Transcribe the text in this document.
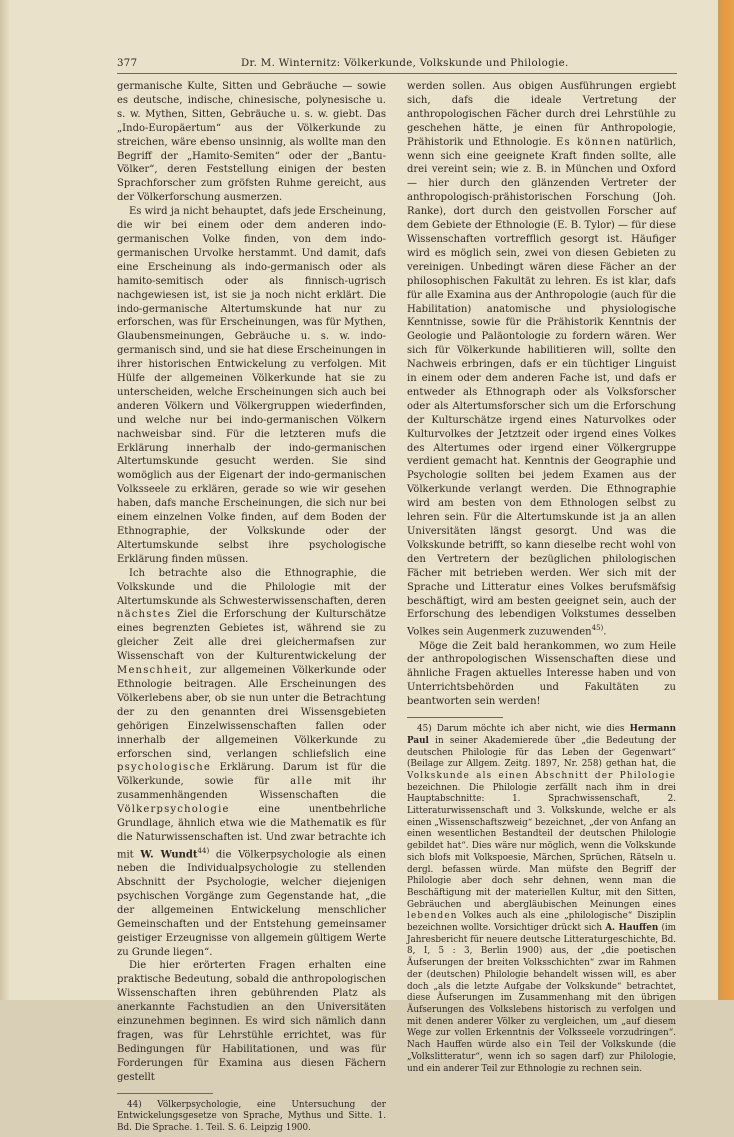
377	Dr. M. Winternitz: Völkerkunde, Volkskunde und Philologie.

germanische Kulte, Sitten und Gebräuche — sowie es deutsche, indische, chinesische, polynesische u. s. w. Mythen, Sitten, Gebräuche u. s. w. giebt. Das „Indo-Europäertum“ aus der Völkerkunde zu streichen, wäre ebenso unsinnig, als wollte man den Begriff der „Hamito-Semiten“ oder der „Bantu-Völker“, deren Feststellung einigen der besten Sprachforscher zum gröfsten Ruhme gereicht, aus der Völkerforschung ausmerzen.

Es wird ja nicht behauptet, dafs jede Erscheinung, die wir bei einem oder dem anderen indo-germanischen Volke finden, von dem indo-germanischen Urvolke herstammt. Und damit, dafs eine Erscheinung als indo-germanisch oder als hamito-semitisch oder als finnisch-ugrisch nachgewiesen ist, ist sie ja noch nicht erklärt. Die indo-germanische Altertumskunde hat nur zu erforschen, was für Erscheinungen, was für Mythen, Glaubensmeinungen, Gebräuche u. s. w. indo-germanisch sind, und sie hat diese Erscheinungen in ihrer historischen Entwickelung zu verfolgen. Mit Hülfe der allgemeinen Völkerkunde hat sie zu unterscheiden, welche Erscheinungen sich auch bei anderen Völkern und Völkergruppen wiederfinden, und welche nur bei indo-germanischen Völkern nachweisbar sind. Für die letzteren mufs die Erklärung innerhalb der indo-germanischen Altertumskunde gesucht werden. Sie sind womöglich aus der Eigenart der indo-germanischen Volksseele zu erklären, gerade so wie wir gesehen haben, dafs manche Erscheinungen, die sich nur bei einem einzelnen Volke finden, auf dem Boden der Ethnographie, der Volkskunde oder der Altertumskunde selbst ihre psychologische Erklärung finden müssen.

Ich betrachte also die Ethnographie, die Volkskunde und die Philologie mit der Altertumskunde als Schwesterwissenschaften, deren nächstes Ziel die Erforschung der Kulturschätze eines begrenzten Gebietes ist, während sie zu gleicher Zeit alle drei gleichermafsen zur Wissenschaft von der Kulturentwickelung der Menschheit, zur allgemeinen Völkerkunde oder Ethnologie beitragen. Alle Erscheinungen des Völkerlebens aber, ob sie nun unter die Betrachtung der zu den genannten drei Wissensgebieten gehörigen Einzelwissenschaften fallen oder innerhalb der allgemeinen Völkerkunde zu erforschen sind, verlangen schliefslich eine psychologische Erklärung. Darum ist für die Völkerkunde, sowie für alle mit ihr zusammenhängenden Wissenschaften die Völkerpsychologie	eine unentbehrliche Grundlage, ähnlich etwa wie die Mathematik es für die Naturwissenschaften ist. Und zwar betrachte ich mit W. Wundt$^{44)}$ die Völkerpsychologie als einen neben die Individualpsychologie zu stellenden Abschnitt der Psychologie, welcher diejenigen psychischen Vorgänge zum Gegenstande hat, „die der allgemeinen Entwickelung menschlicher Gemeinschaften und der Entstehung gemeinsamer geistiger Erzeugnisse von allgemein gültigem Werte zu Grunde liegen“.

Die hier erörterten Fragen erhalten eine praktische Bedeutung, sobald die anthropologischen Wissenschaften ihren gebührenden Platz als anerkannte Fachstudien an den Universitäten einzunehmen beginnen. Es wird sich nämlich dann fragen, was für Lehrstühle errichtet, was für Bedingungen für Habilitationen, und was für Forderungen für Examina aus diesen Fächern gestellt

44) Völkerpsychologie, eine Untersuchung der Entwickelungsgesetze von Sprache, Mythus und Sitte. 1. Bd. Die Sprache. 1. Teil. S. 6. Leipzig 1900.

werden sollen. Aus obigen Ausführungen ergiebt sich, dafs die ideale Vertretung der anthropologischen Fächer durch drei Lehrstühle zu geschehen hätte, je einen für Anthropologie, Prähistorik und Ethnologie. Es können natürlich, wenn sich eine geeignete Kraft finden sollte, alle drei vereint sein; wie z. B. in München und Oxford — hier durch den glänzenden Vertreter der anthropologisch-prähistorischen Forschung (Joh. Ranke), dort durch den geistvollen Forscher auf dem Gebiete der Ethnologie (E. B. Tylor) — für diese Wissenschaften vortrefflich gesorgt ist. Häufiger wird es möglich sein, zwei von diesen Gebieten zu vereinigen. Unbedingt wären diese Fächer an der philosophischen Fakultät zu lehren. Es ist klar, dafs für alle Examina aus der Anthropologie (auch für die Habilitation) anatomische und physiologische Kenntnisse, sowie für die Prähistorik Kenntnis der Geologie und Paläontologie zu fordern wären. Wer sich für Völkerkunde habilitieren will, sollte den Nachweis erbringen, dafs er ein tüchtiger Linguist in einem oder dem anderen Fache ist, und dafs er entweder als Ethnograph oder als Volksforscher oder als Altertumsforscher sich um die Erforschung der Kulturschätze irgend eines Naturvolkes oder Kulturvolkes der Jetztzeit oder irgend eines Volkes des Altertumes oder irgend einer Völkergruppe verdient gemacht hat. Kenntnis der Geographie und Psychologie sollten bei jedem Examen aus der Völkerkunde verlangt werden. Die Ethnographie wird am besten von dem Ethnologen selbst zu lehren sein. Für die Altertumskunde ist ja an allen Universitäten längst gesorgt. Und was die Volkskunde betrifft, so kann dieselbe recht wohl von den Vertretern der bezüglichen philologischen Fächer mit betrieben werden. Wer sich mit der Sprache und Litteratur eines Volkes berufsmäfsig beschäftigt, wird am besten geeignet sein, auch der Erforschung des lebendigen Volkstumes desselben Volkes sein Augenmerk zuzuwenden$^{45)}$.

Möge die Zeit bald herankommen, wo zum Heile der anthropologischen Wissenschaften diese und ähnliche Fragen aktuelles Interesse haben und von Unterrichtsbehörden und Fakultäten zu beantworten sein werden!

45) Darum möchte ich aber nicht, wie dies Hermann Paul in seiner Akademierede über „die Bedeutung der deutschen Philologie für das Leben der Gegenwart“ (Beilage zur Allgem. Zeitg. 1897, Nr. 258) gethan hat, die Volkskunde als einen Abschnitt der Philologie bezeichnen. Die Philologie zerfällt nach ihm in drei Hauptabschnitte: 1. Sprachwissenschaft, 2. Litteraturwissenschaft und 3. Volkskunde, welche er als einen „Wissenschaftszweig“ bezeichnet, „der von Anfang an einen wesentlichen Bestandteil der deutschen Philologie gebildet hat“. Dies wäre nur möglich, wenn die Volkskunde sich blofs mit Volkspoesie, Märchen, Sprüchen, Rätseln u. dergl. befassen würde. Man müfste den Begriff der Philologie aber doch sehr dehnen, wenn man die Beschäftigung mit der materiellen Kultur, mit den Sitten, Gebräuchen und abergläubischen Meinungen eines lebenden Volkes auch als eine „philologische“ Disziplin bezeichnen wollte. Vorsichtiger drückt sich A. Hauffen (im Jahresbericht für neuere deutsche Litteraturgeschichte, Bd. 8, I, 5 : 3, Berlin 1900) aus, der „die poetischen Äufserungen der breiten Volksschichten“ zwar im Rahmen der (deutschen) Philologie behandelt wissen will, es aber doch „als die letzte Aufgabe der Volkskunde“ betrachtet, diese Äufserungen im Zusammenhang mit den übrigen Äufserungen des Volkslebens historisch zu verfolgen und mit denen anderer Völker zu vergleichen, um „auf diesem Wege zur vollen Erkenntnis der Volksseele vorzudringen“. Nach Hauffen würde also ein Teil der Volkskunde (die „Volkslitteratur“, wenn ich so sagen darf) zur Philologie, und ein anderer Teil zur Ethnologie zu rechnen sein.
